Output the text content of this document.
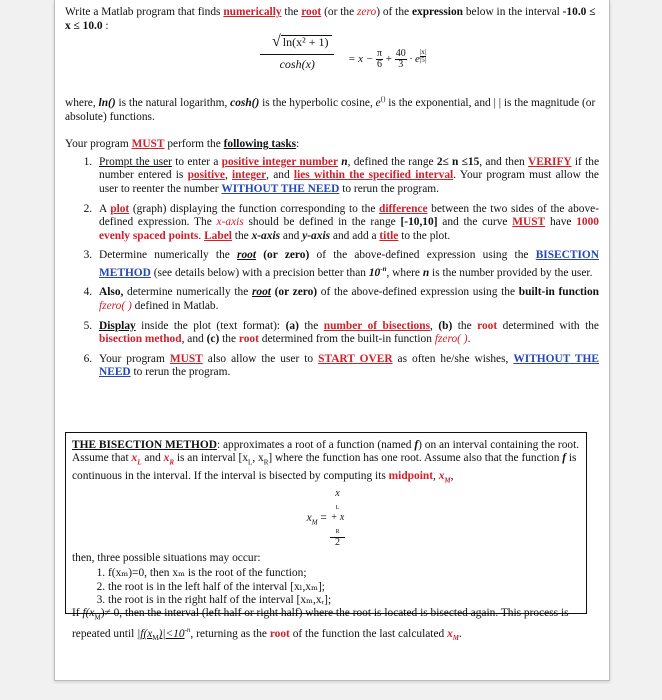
Write a Matlab program that finds numerically the root (or the zero) of the expression below in the interval -10.0 ≤ x ≤ 10.0 :

$\frac{\text{√ ln(x² + 1)}}{\cosh(x)} = x - \frac{\pi}{6} + \frac{40}{3} \cdot e \frac{|x|}{|5|}$

where, ln() is the natural logarithm, cosh() is the hyperbolic cosine, e() is the exponential, and | | is the magnitude (or absolute) functions.

Your program MUST perform the following tasks:

1. Prompt the user to enter a positive integer number n, defined the range 2≤ n ≤15, and then VERIFY if the number entered is positive, integer, and lies within the specified interval. Your program must allow the user to reenter the number WITHOUT THE NEED to rerun the program.
2. A plot (graph) displaying the function corresponding to the difference between the two sides of the above-defined expression. The x-axis should be defined in the range [-10,10] and the curve MUST have 1000 evenly spaced points. Label the x-axis and y-axis and add a title to the plot.
3. Determine numerically the root (or zero) of the above-defined expression using the BISECTION METHOD (see details below) with a precision better than $10^{-n}$, where n is the number provided by the user.
4. Also, determine numerically the root (or zero) of the above-defined expression using the built-in function fzero( ) defined in Matlab.
5. Display inside the plot (text format): (a) the number of bisections, (b) the root determined with the bisection method, and (c) the root determined from the built-in function fzero( ).
6. Your program MUST also allow the user to START OVER as often he/she wishes, WITHOUT THE NEED to rerun the program.

THE BISECTION METHOD: approximates a root of a function (named f) on an interval containing the root. Assume that $x_L$ and $x_R$ is an interval [$x_L$, $x_R$] where the function has one root. Assume also that the function f is continuous in the interval. If the interval is bisected by computing its midpoint, $x_M$,

$x_M = x$
$_L$
+ x
$_R$
2

then, three possible situations may occur:

1. f(xₘ)=0, then xₘ is the root of the function;
2. the root is in the left half of the interval [xₗ,xₘ];
3. the root is in the right half of the interval [xₘ,xᵣ];

If $f(x_M)\ne 0$, then the interval (left half or right half) where the root is located is bisected again. This process is repeated until $|f(x_M)|<10^{-n}$, returning as the root of the function the last calculated $x_M$.
